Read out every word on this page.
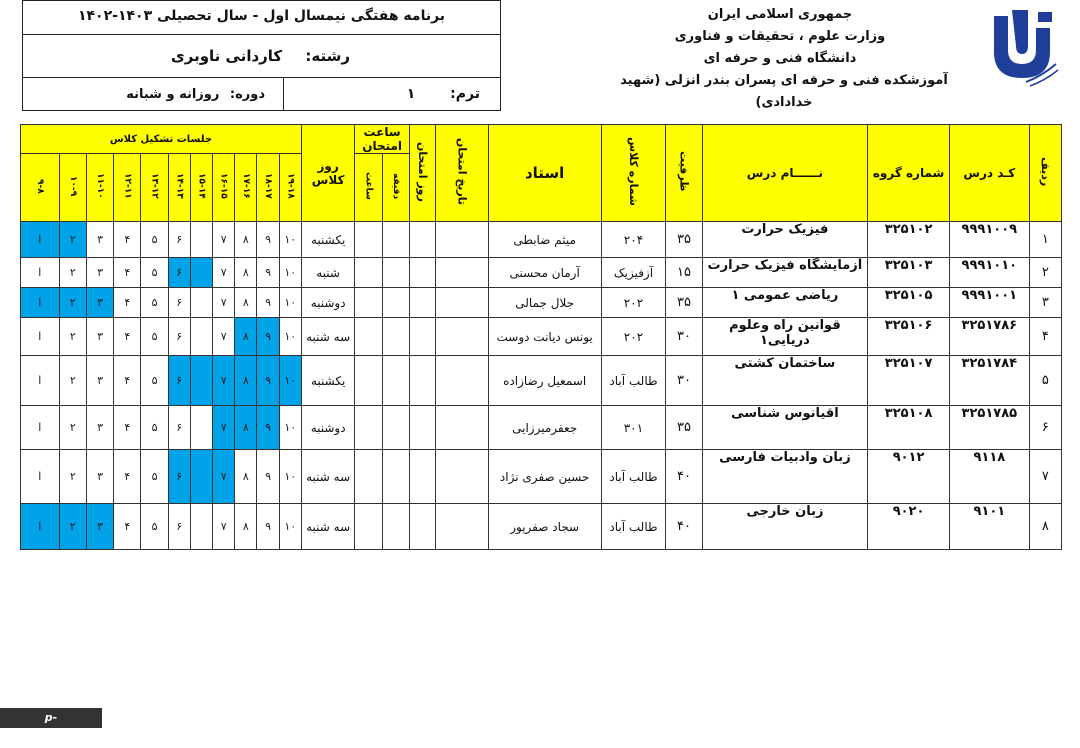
برنامه هفتگی نیمسال اول - سال تحصیلی ۱۴۰۳-۱۴۰۲
رشته: کاردانی ناوبری
ترم: ۱
دوره: روزانه و شبانه
جمهوری اسلامی ایران
وزارت علوم ، تحقیقات و فناوری
دانشگاه فنی و حرفه ای
آموزشکده فنی و حرفه ای پسران بندر انزلی (شهید خدادادی)
ردیف	کـد درس	شماره گروه	نــــــام درس	ظرفیت	شماره کلاس	استاد	تاریخ امتحان	روز امتحان	ساعت امتحان		روز کلاس	جلسات تشکیل کلاس										
									دقیقه	ساعت		۱۹-۱۸	۱۸-۱۷	۱۷-۱۶	۱۶-۱۵	۱۵-۱۴	۱۴-۱۳	۱۳-۱۲	۱۲-۱۱	۱۱-۱۰	۱۰-۹	۹-۸
۱	۹۹۹۱۰۰۹	۳۲۵۱۰۲	فیزیک حرارت	۳۵	۲۰۴	میثم ضابطی					یکشنبه	۱۰	۹	۸	۷		۶	۵	۴	۳	۲	ا
۲	۹۹۹۱۰۱۰	۳۲۵۱۰۳	آزمایشگاه فیزیک حرارت	۱۵	آزفیزیک	آرمان محسنی					شنبه	۱۰	۹	۸	۷		۶	۵	۴	۳	۲	ا
۳	۹۹۹۱۰۰۱	۳۲۵۱۰۵	ریاضی عمومی ۱	۳۵	۲۰۲	جلال جمالی					دوشنبه	۱۰	۹	۸	۷		۶	۵	۴	۳	۲	ا
۴	۳۲۵۱۷۸۶	۳۲۵۱۰۶	قوانین راه وعلوم دریایی۱	۳۰	۲۰۲	یونس دیانت دوست					سه شنبه	۱۰	۹	۸	۷		۶	۵	۴	۳	۲	ا
۵	۳۲۵۱۷۸۴	۳۲۵۱۰۷	ساختمان کشتی	۳۰	طالب آباد	اسمعیل رضازاده					یکشنبه	۱۰	۹	۸	۷		۶	۵	۴	۳	۲	ا
۶	۳۲۵۱۷۸۵	۳۲۵۱۰۸	اقیانوس شناسی	۳۵	۳۰۱	جعفرمیرزایی					دوشنبه	۱۰	۹	۸	۷		۶	۵	۴	۳	۲	ا
۷	۹۱۱۸	۹۰۱۲	زبان وادبیات فارسی	۴۰	طالب آباد	حسین صفری نژاد					سه شنبه	۱۰	۹	۸	۷		۶	۵	۴	۳	۲	ا
۸	۹۱۰۱	۹۰۲۰	زبان خارجی	۴۰	طالب آباد	سجاد صفرپور					سه شنبه	۱۰	۹	۸	۷		۶	۵	۴	۳	۲	ا
p-anzali.tvu.ac.ir
